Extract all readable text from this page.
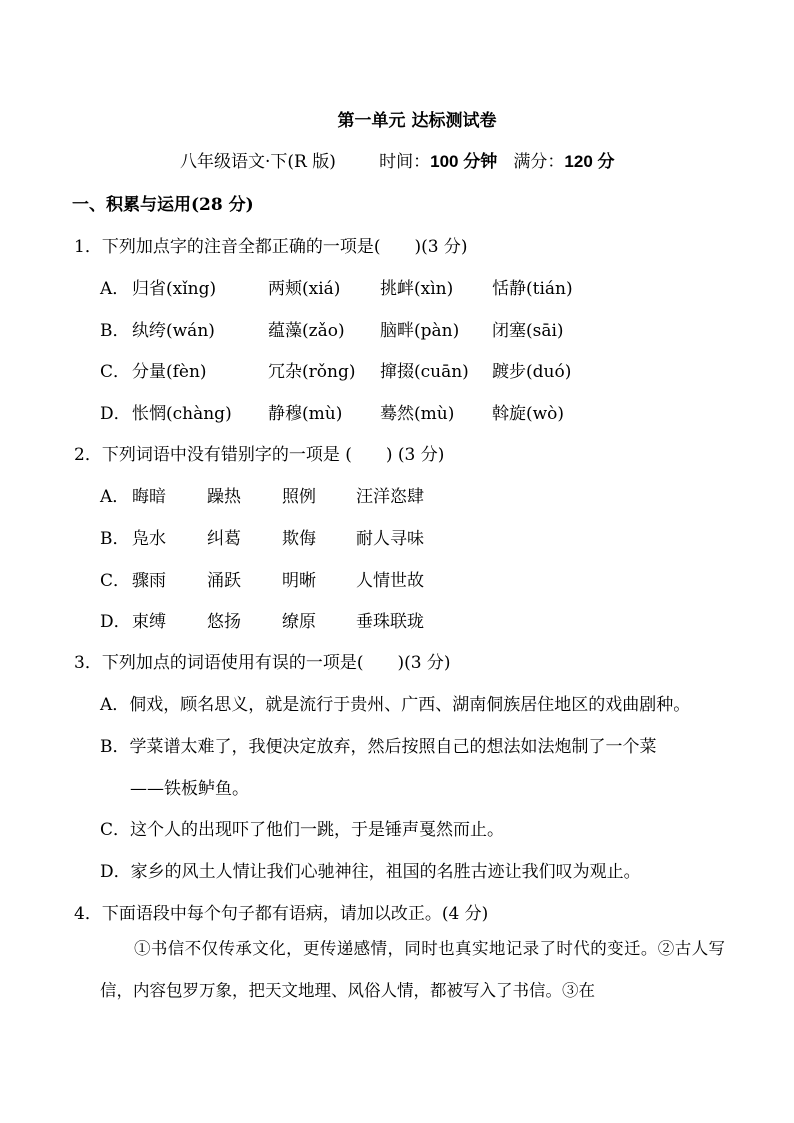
第一单元 达标测试卷
八年级语文·下(R 版)	时间：100 分钟 满分：120 分
一、积累与运用(28 分)
1．下列加点字的注音全都正确的一项是(　　)(3 分)
A． 归省(xǐng)	两颊(xiá) 挑衅(xìn) 恬静(tián)
B． 纨绔(wán)	蕴藻(zǎo) 脑畔(pàn) 闭塞(sāi)
C． 分量(fèn)	冗杂(rǒng) 撺掇(cuān) 踱步(duó)
D． 怅惘(chàng) 静穆(mù) 蓦然(mù) 斡旋(wò)
2．下列词语中没有错别字的一项是 (　　) (3 分)
A． 晦暗 躁热 照例 汪洋恣肆
B． 凫水 纠葛 欺侮 耐人寻味
C． 骤雨 涌跃 明晰 人情世故
D． 束缚 悠扬 缭原 垂珠联珑
3．下列加点的词语使用有误的一项是(　　)(3 分)
A．侗戏，顾名思义，就是流行于贵州、广西、湖南侗族居住地区的戏曲剧种。
B．学菜谱太难了，我便决定放弃，然后按照自己的想法如法炮制了一个菜
——铁板鲈鱼。
C．这个人的出现吓了他们一跳，于是锤声戛然而止。
D．家乡的风土人情让我们心驰神往，祖国的名胜古迹让我们叹为观止。
4．下面语段中每个句子都有语病，请加以改正。(4 分)
①书信不仅传承文化，更传递感情，同时也真实地记录了时代的变迁。②古人写信，内容包罗万象，把天文地理、风俗人情，都被写入了书信。③在
